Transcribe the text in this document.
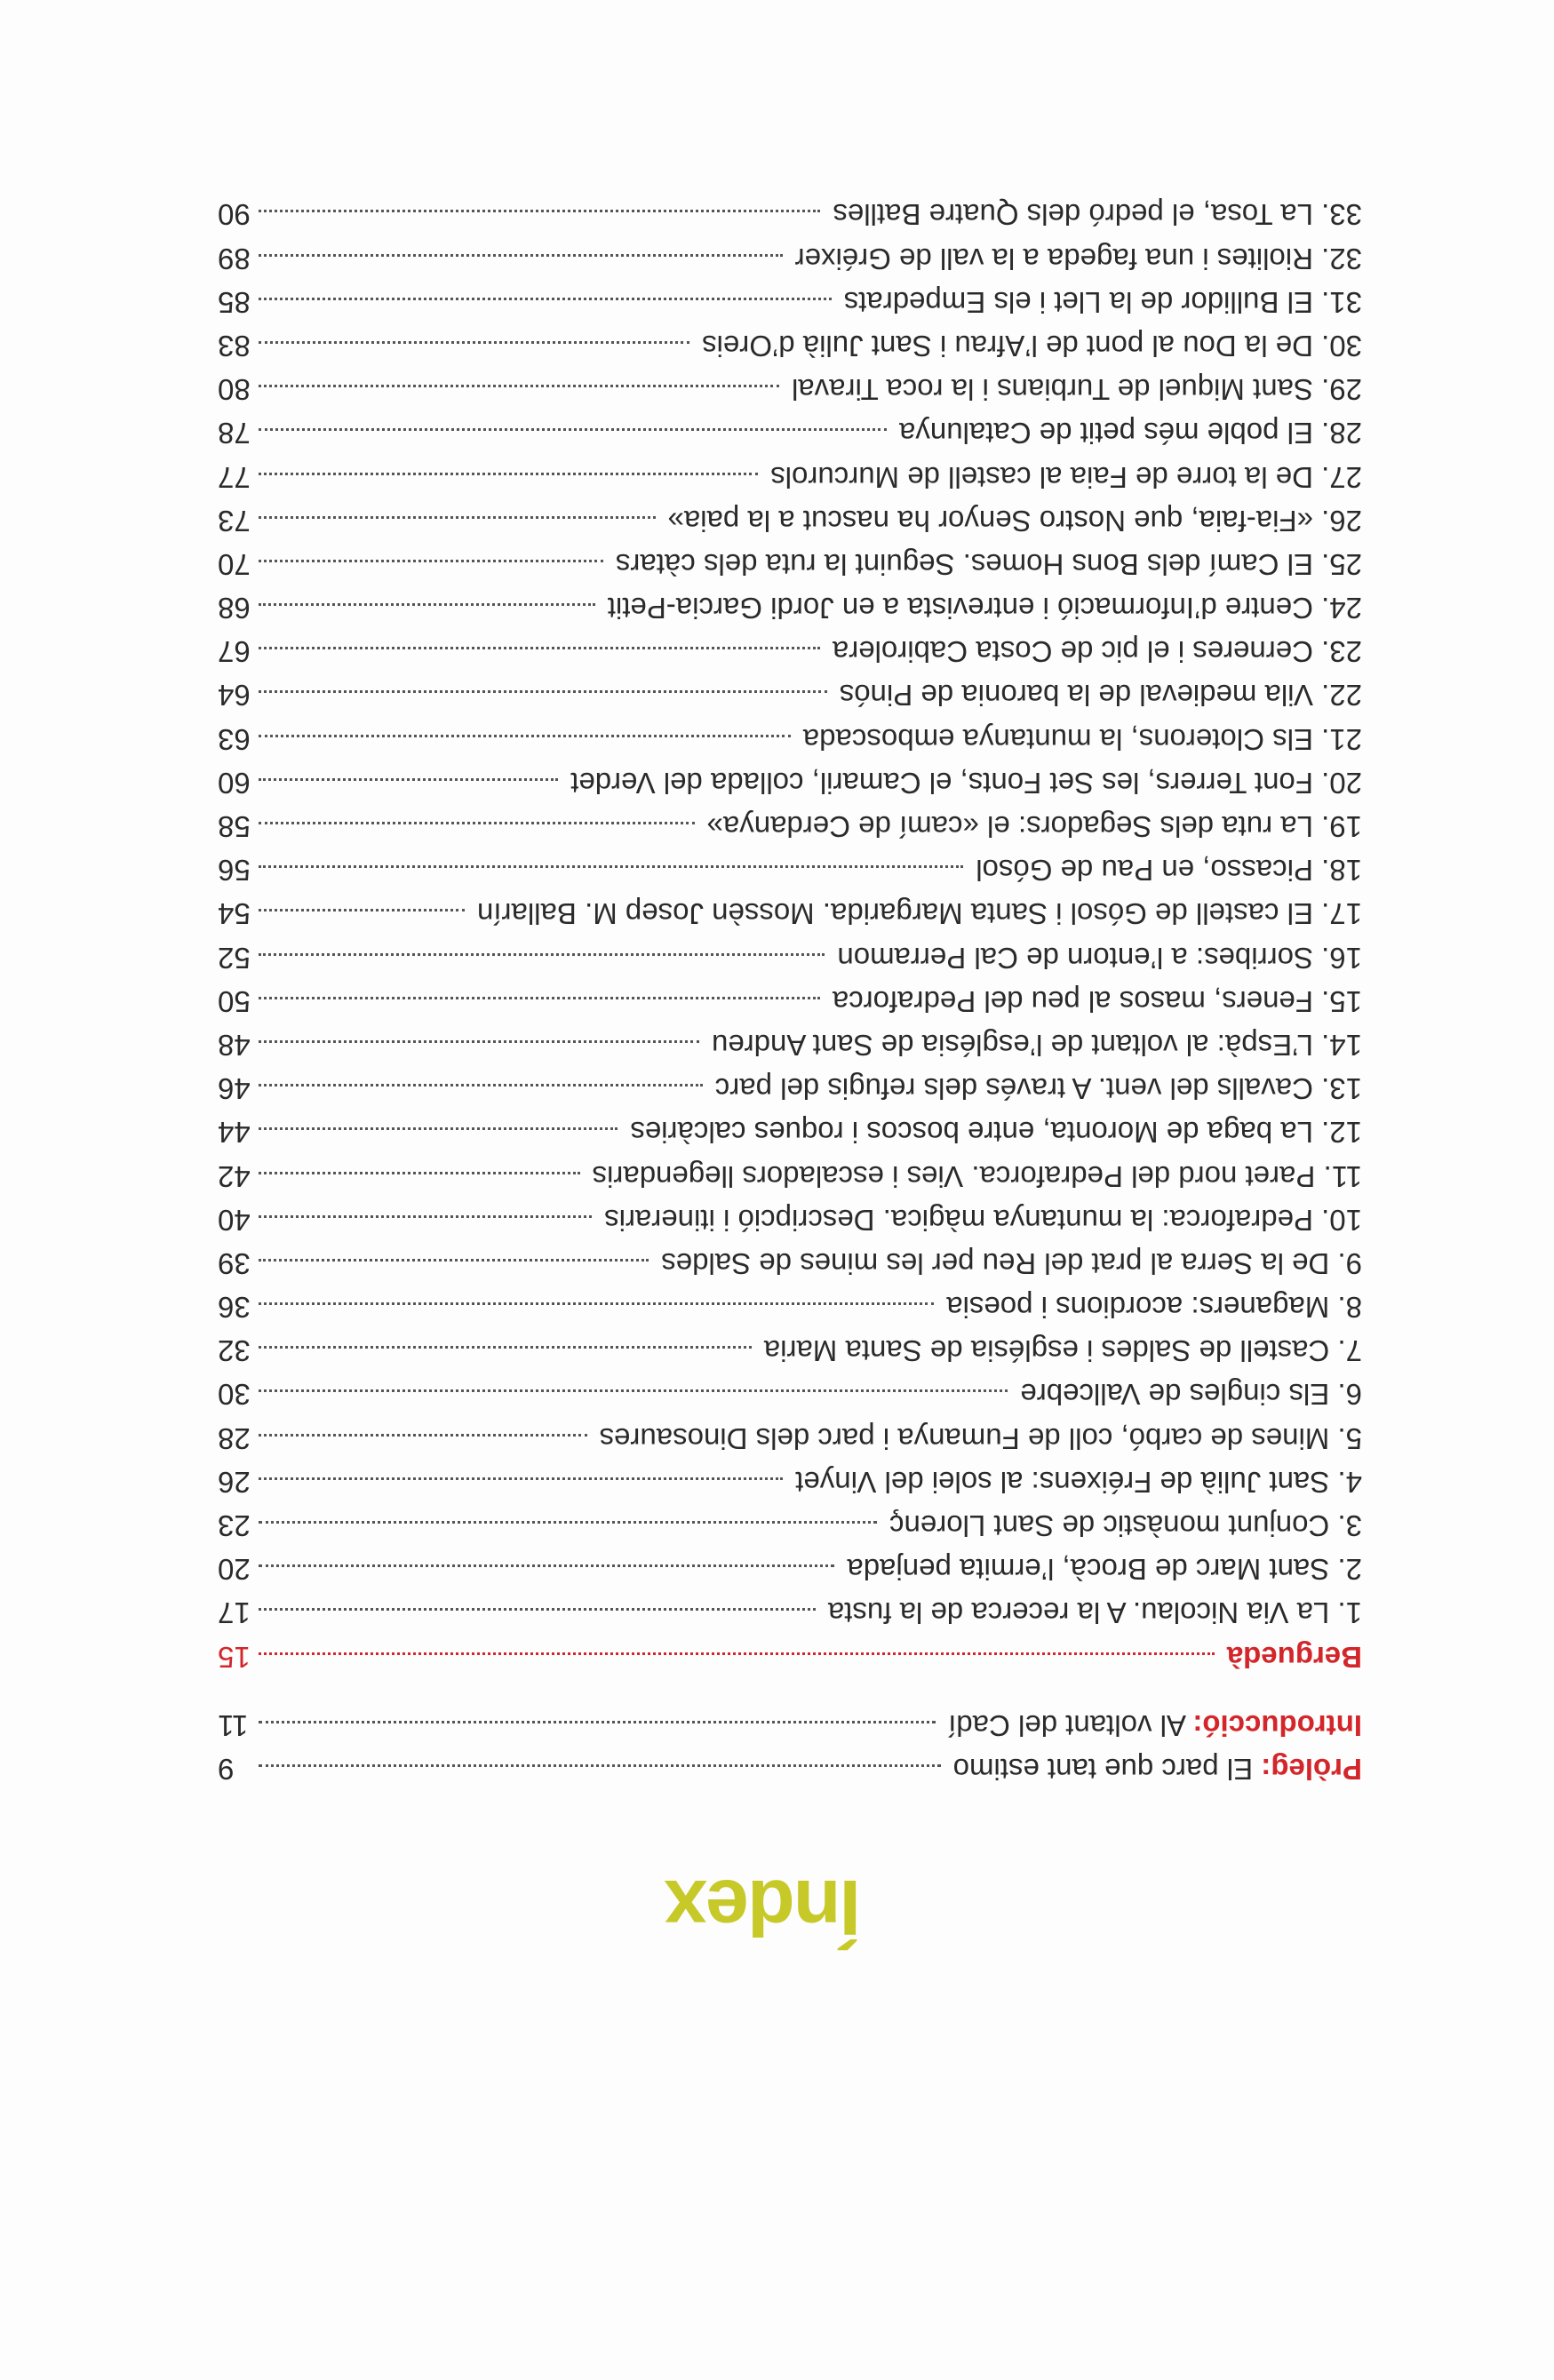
Índex
Pròleg: El parc que tant estimo
9
Introducció: Al voltant del Cadí
11
Berguedà
15
1. La Via Nicolau. A la recerca de la fusta
17
2. Sant Marc de Brocà, l’ermita penjada
20
3. Conjunt monàstic de Sant Llorenç
23
4. Sant Julià de Fréixens: al solei del Vinyet
26
5. Mines de carbó, coll de Fumanya i parc dels Dinosaures
28
6. Els cingles de Vallcebre
30
7. Castell de Saldes i església de Santa Maria
32
8. Maganers: acordions i poesia
36
9. De la Serra al prat del Reu per les mines de Saldes
39
10. Pedraforca: la muntanya màgica. Descripció i itineraris
40
11. Paret nord del Pedraforca. Vies i escaladors llegendaris
42
12. La baga de Moronta, entre boscos i roques calcàries
44
13. Cavalls del vent. A través dels refugis del parc
46
14. L’Espà: al voltant de l’església de Sant Andreu
48
15. Feners, masos al peu del Pedraforca
50
16. Sorribes: a l’entorn de Cal Perramon
52
17. El castell de Gósol i Santa Margarida. Mossèn Josep M. Ballarín
54
18. Picasso, en Pau de Gósol
56
19. La ruta dels Segadors: el «camí de Cerdanya»
58
20. Font Terrers, les Set Fonts, el Camaril, collada del Verdet
60
21. Els Cloterons, la muntanya emboscada
63
22. Vila medieval de la baronia de Pinós
64
23. Cerneres i el pic de Costa Cabirolera
67
24. Centre d’Informació i entrevista a en Jordi Garcia-Petit
68
25. El Camí dels Bons Homes. Seguint la ruta dels càtars
70
26. «Fia-faia, que Nostro Senyor ha nascut a la paia»
73
27. De la torre de Faia al castell de Murcurols
77
28. El poble més petit de Catalunya
78
29. Sant Miquel de Turbians i la roca Tiraval
80
30. De la Dou al pont de l’Afrau i Sant Julià d’Oreis
83
31. El Bullidor de la Llet i els Empedrats
85
32. Riolites i una fageda a la vall de Gréixer
89
33. La Tosa, el pedró dels Quatre Batlles
90
